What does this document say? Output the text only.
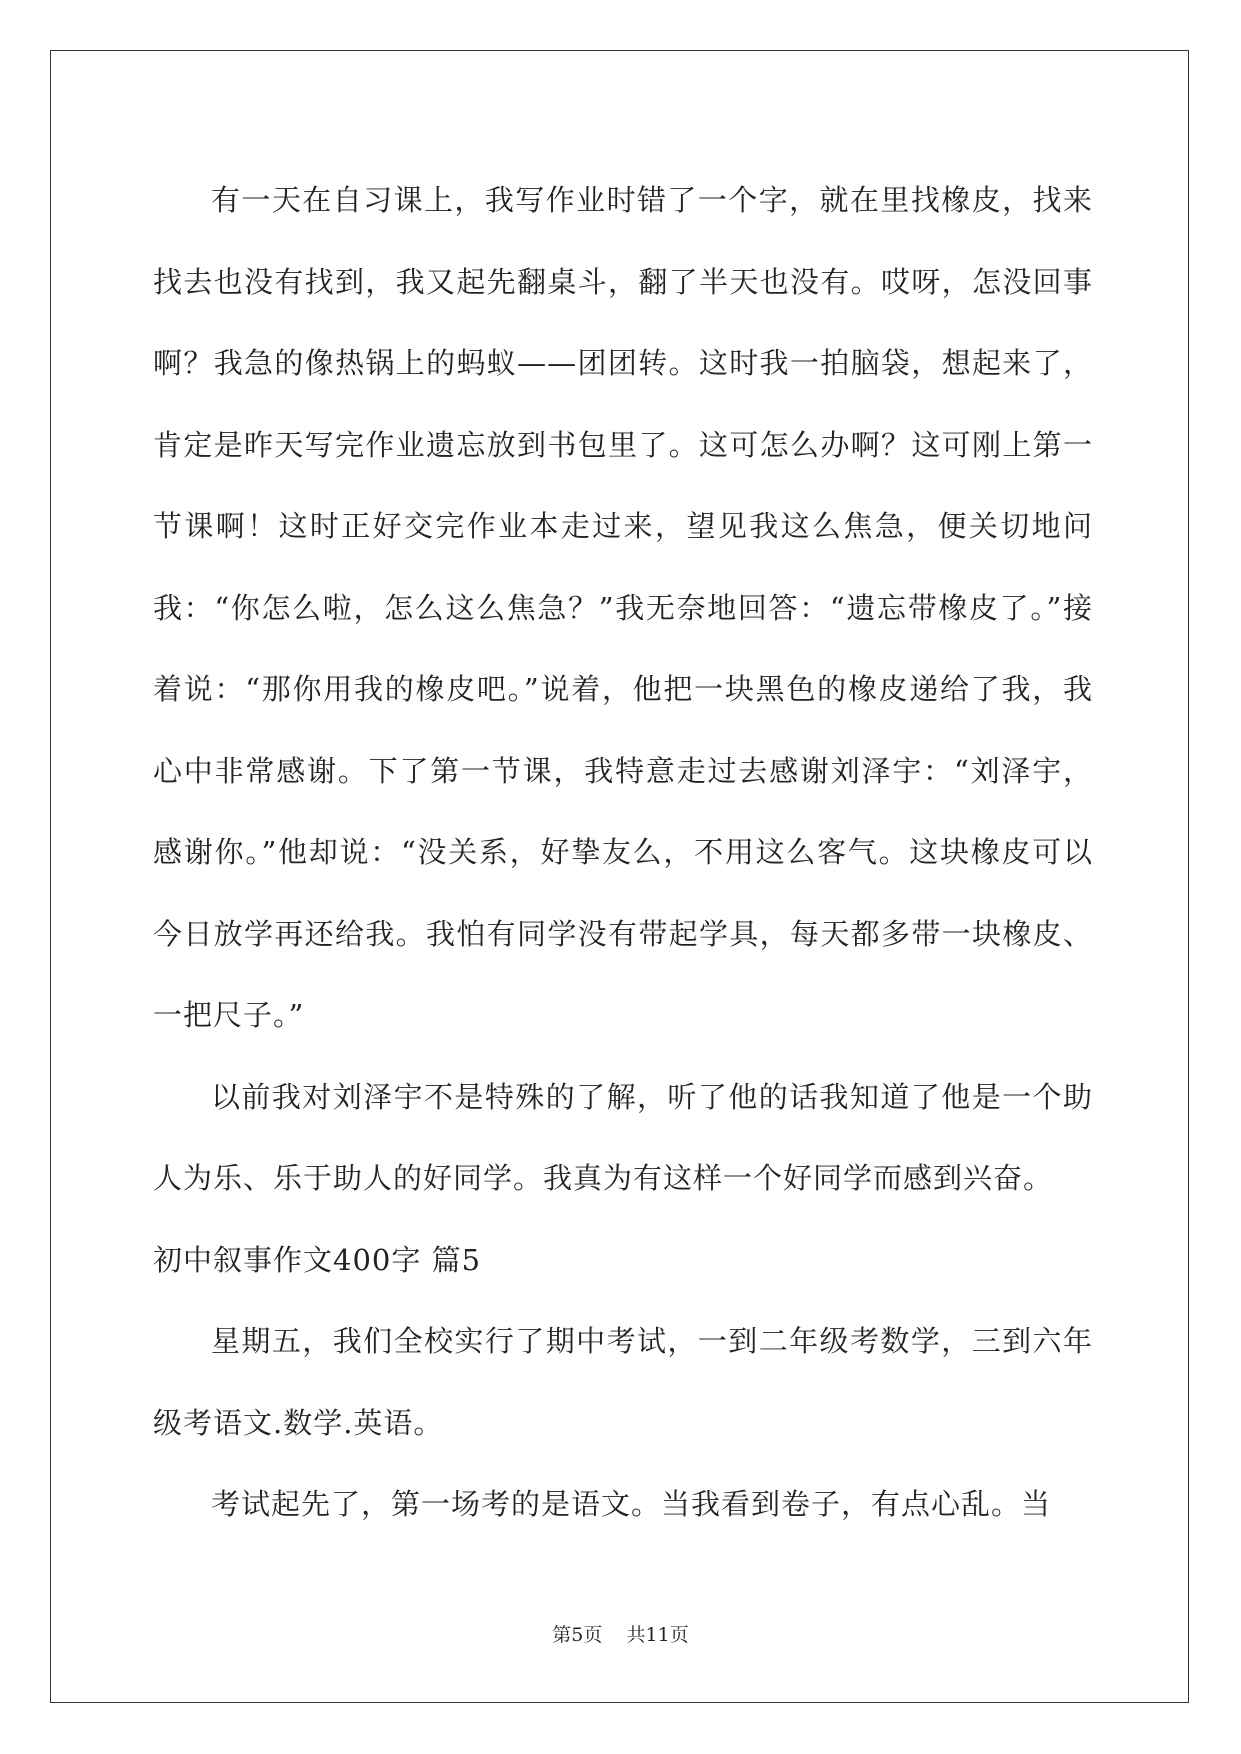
有一天在自习课上，我写作业时错了一个字，就在里找橡皮，找来找去也没有找到，我又起先翻桌斗，翻了半天也没有。哎呀，怎没回事啊？我急的像热锅上的蚂蚁——团团转。这时我一拍脑袋，想起来了，肯定是昨天写完作业遗忘放到书包里了。这可怎么办啊？这可刚上第一节课啊！这时正好交完作业本走过来，望见我这么焦急，便关切地问我：“你怎么啦，怎么这么焦急？”我无奈地回答：“遗忘带橡皮了。”接着说：“那你用我的橡皮吧。”说着，他把一块黑色的橡皮递给了我，我心中非常感谢。下了第一节课，我特意走过去感谢刘泽宇：“刘泽宇，感谢你。”他却说：“没关系，好挚友么，不用这么客气。这块橡皮可以今日放学再还给我。我怕有同学没有带起学具，每天都多带一块橡皮、一把尺子。”

以前我对刘泽宇不是特殊的了解，听了他的话我知道了他是一个助人为乐、乐于助人的好同学。我真为有这样一个好同学而感到兴奋。

初中叙事作文400字 篇5

星期五，我们全校实行了期中考试，一到二年级考数学，三到六年级考语文.数学.英语。

考试起先了，第一场考的是语文。当我看到卷子，有点心乱。当

第5页 共11页
